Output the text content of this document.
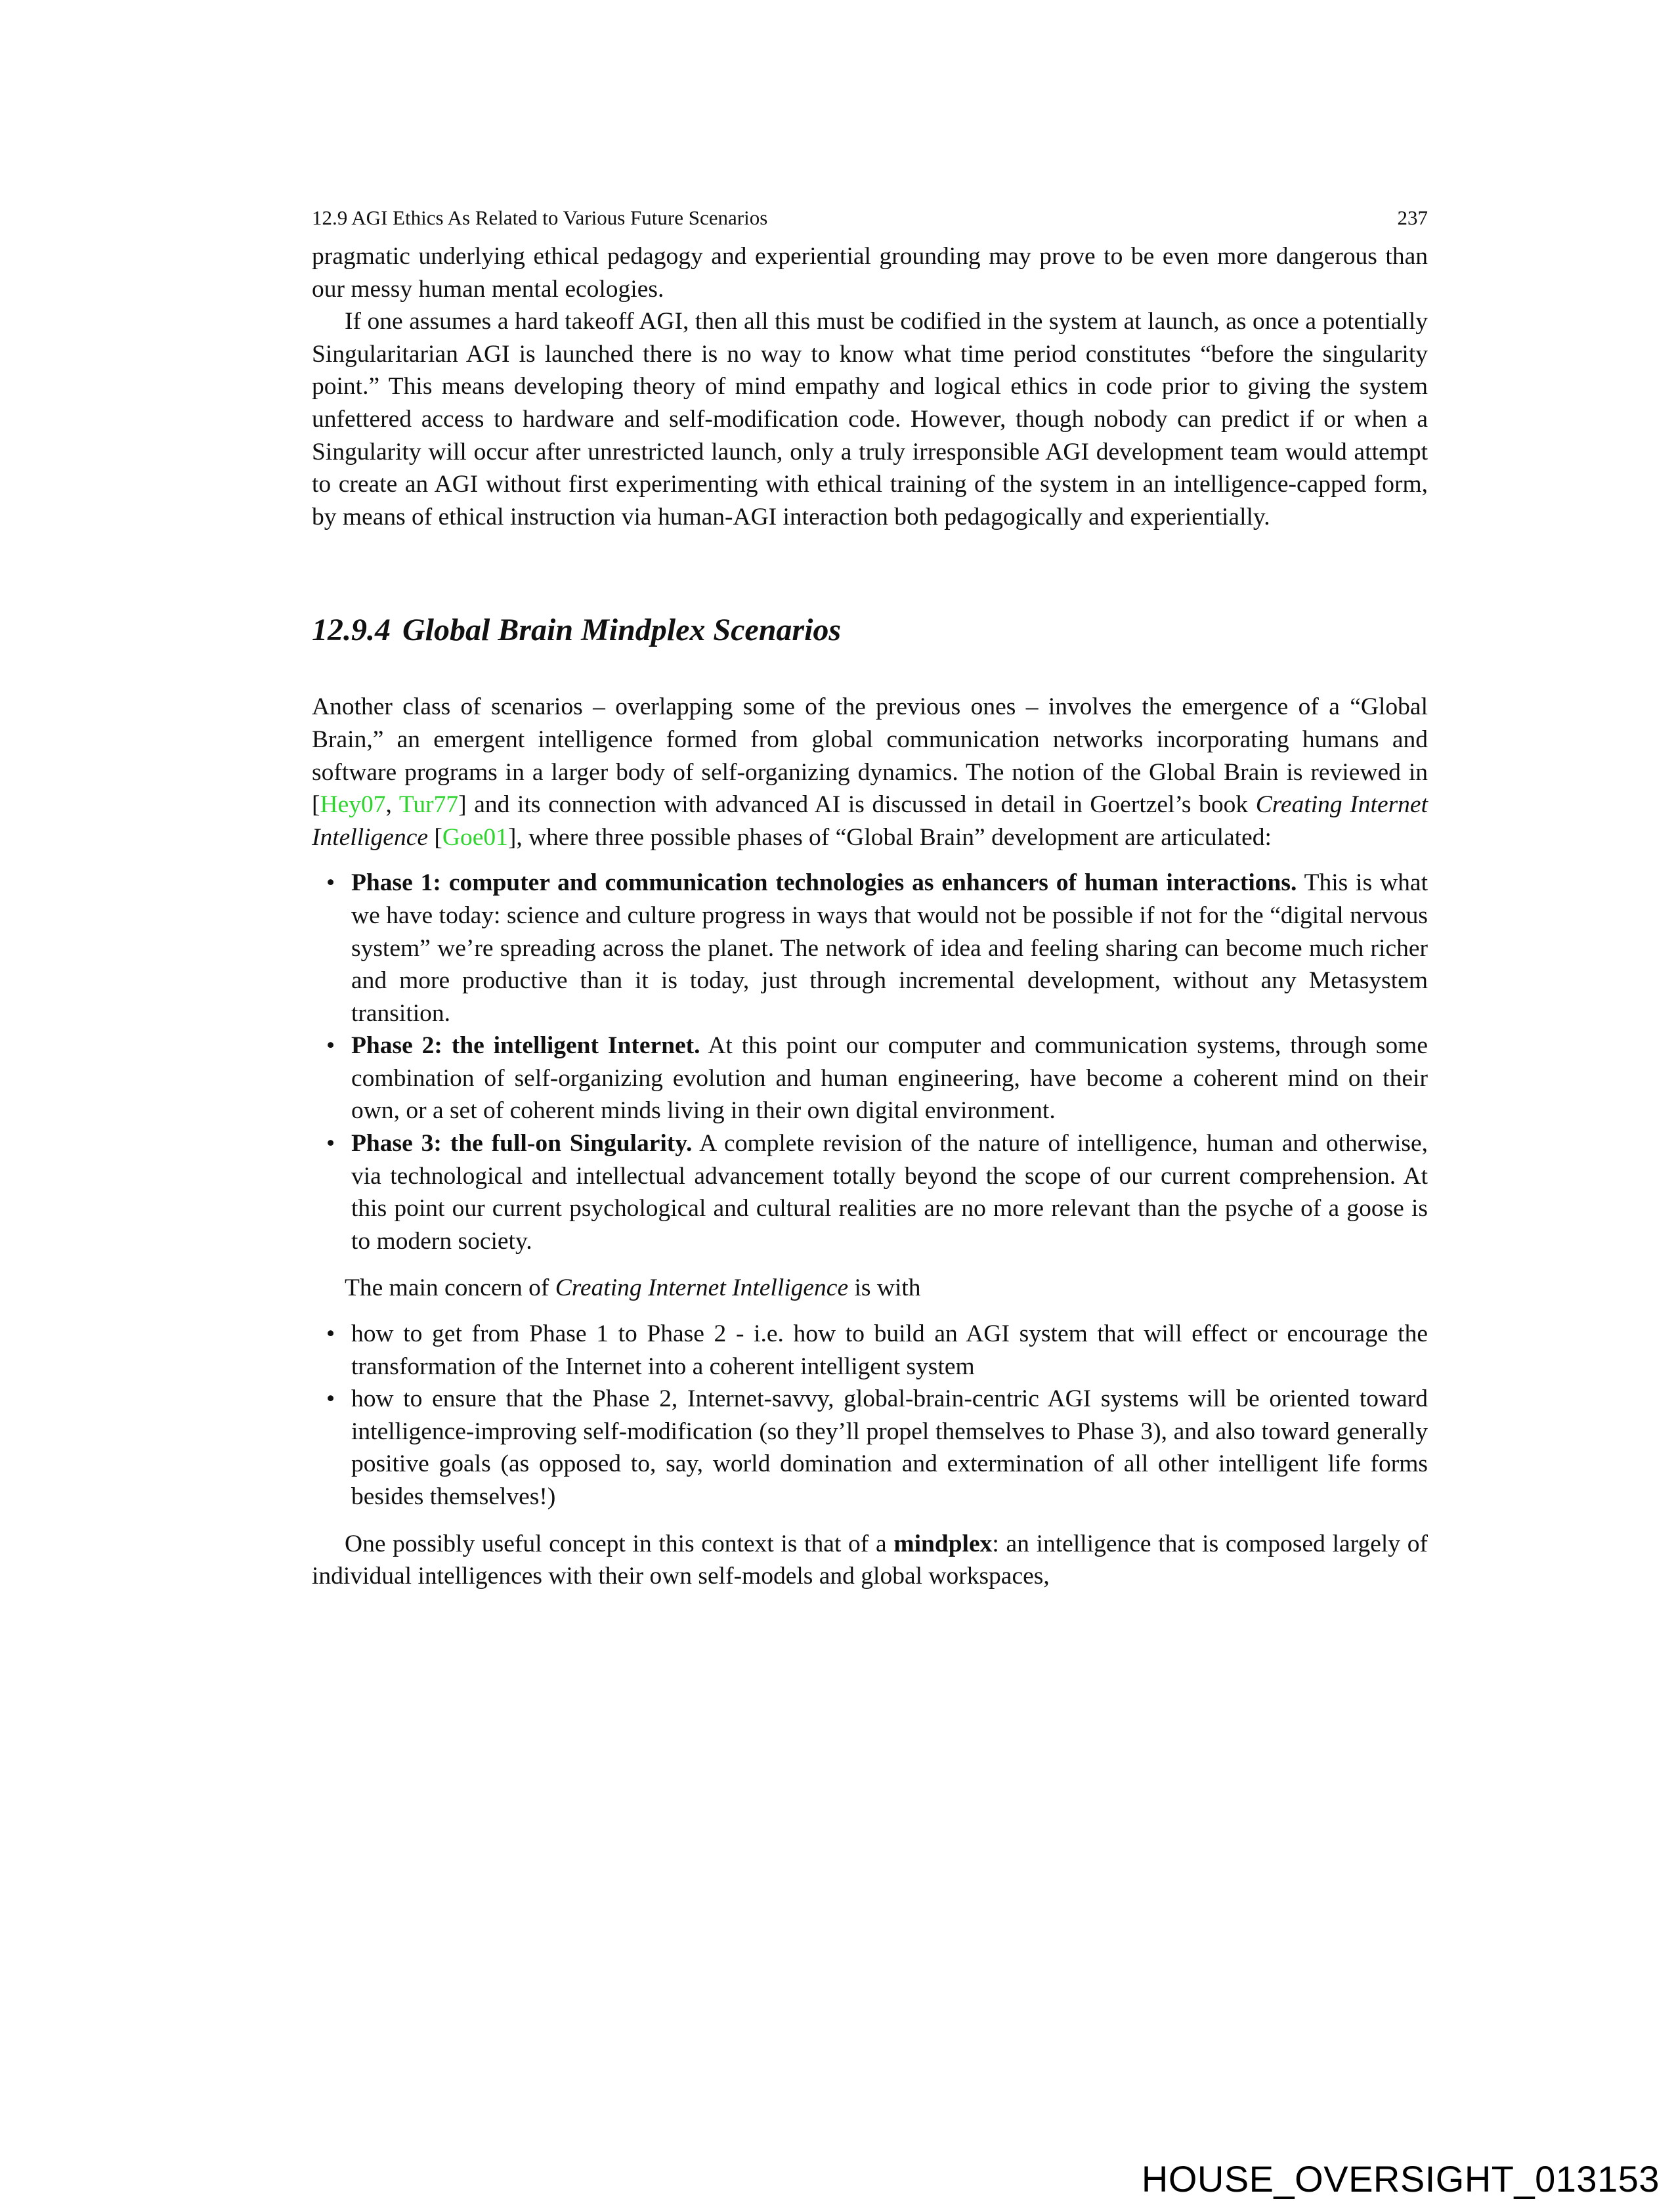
12.9 AGI Ethics As Related to Various Future Scenarios	237

pragmatic underlying ethical pedagogy and experiential grounding may prove to be even more dangerous than our messy human mental ecologies.

If one assumes a hard takeoff AGI, then all this must be codified in the system at launch, as once a potentially Singularitarian AGI is launched there is no way to know what time period constitutes “before the singularity point.” This means developing theory of mind empathy and logical ethics in code prior to giving the system unfettered access to hardware and self-modification code. However, though nobody can predict if or when a Singularity will occur after unrestricted launch, only a truly irresponsible AGI development team would attempt to create an AGI without first experimenting with ethical training of the system in an intelligence-capped form, by means of ethical instruction via human-AGI interaction both pedagogically and experientially.

12.9.4 Global Brain Mindplex Scenarios

Another class of scenarios – overlapping some of the previous ones – involves the emergence of a “Global Brain,” an emergent intelligence formed from global communication networks incorporating humans and software programs in a larger body of self-organizing dynamics. The notion of the Global Brain is reviewed in [Hey07, Tur77] and its connection with advanced AI is discussed in detail in Goertzel’s book Creating Internet Intelligence [Goe01], where three possible phases of “Global Brain” development are articulated:

• Phase 1: computer and communication technologies as enhancers of human interactions. This is what we have today: science and culture progress in ways that would not be possible if not for the “digital nervous system” we’re spreading across the planet. The network of idea and feeling sharing can become much richer and more productive than it is today, just through incremental development, without any Metasystem transition.
• Phase 2: the intelligent Internet. At this point our computer and communication systems, through some combination of self-organizing evolution and human engineering, have become a coherent mind on their own, or a set of coherent minds living in their own digital environment.
• Phase 3: the full-on Singularity. A complete revision of the nature of intelligence, human and otherwise, via technological and intellectual advancement totally beyond the scope of our current comprehension. At this point our current psychological and cultural realities are no more relevant than the psyche of a goose is to modern society.

The main concern of Creating Internet Intelligence is with

• how to get from Phase 1 to Phase 2 - i.e. how to build an AGI system that will effect or encourage the transformation of the Internet into a coherent intelligent system
• how to ensure that the Phase 2, Internet-savvy, global-brain-centric AGI systems will be oriented toward intelligence-improving self-modification (so they’ll propel themselves to Phase 3), and also toward generally positive goals (as opposed to, say, world domination and extermination of all other intelligent life forms besides themselves!)

One possibly useful concept in this context is that of a mindplex: an intelligence that is composed largely of individual intelligences with their own self-models and global workspaces,

HOUSE_OVERSIGHT_013153
